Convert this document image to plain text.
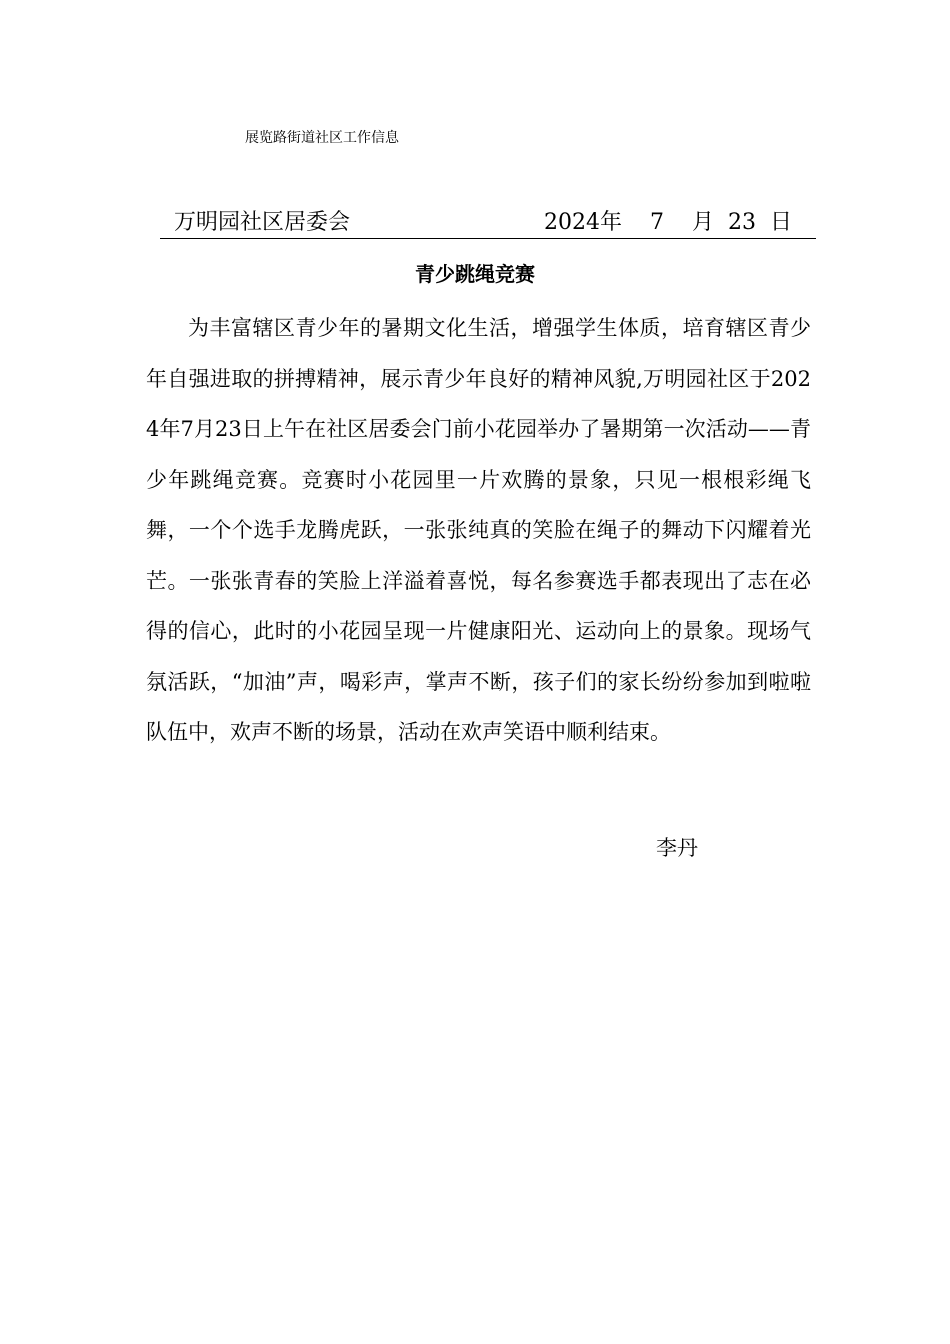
展览路街道社区工作信息
万明园社区居委会	2024年 7 月 23 日
青少跳绳竞赛

为丰富辖区青少年的暑期文化生活，增强学生体质，培育辖区青少年自强进取的拼搏精神，展示青少年良好的精神风貌,万明园社区于2024年7月23日上午在社区居委会门前小花园举办了暑期第一次活动——青少年跳绳竞赛。竞赛时小花园里一片欢腾的景象，只见一根根彩绳飞舞，一个个选手龙腾虎跃，一张张纯真的笑脸在绳子的舞动下闪耀着光芒。一张张青春的笑脸上洋溢着喜悦，每名参赛选手都表现出了志在必得的信心，此时的小花园呈现一片健康阳光、运动向上的景象。现场气氛活跃，“加油”声，喝彩声，掌声不断，孩子们的家长纷纷参加到啦啦队伍中，欢声不断的场景，活动在欢声笑语中顺利结束。

李丹
